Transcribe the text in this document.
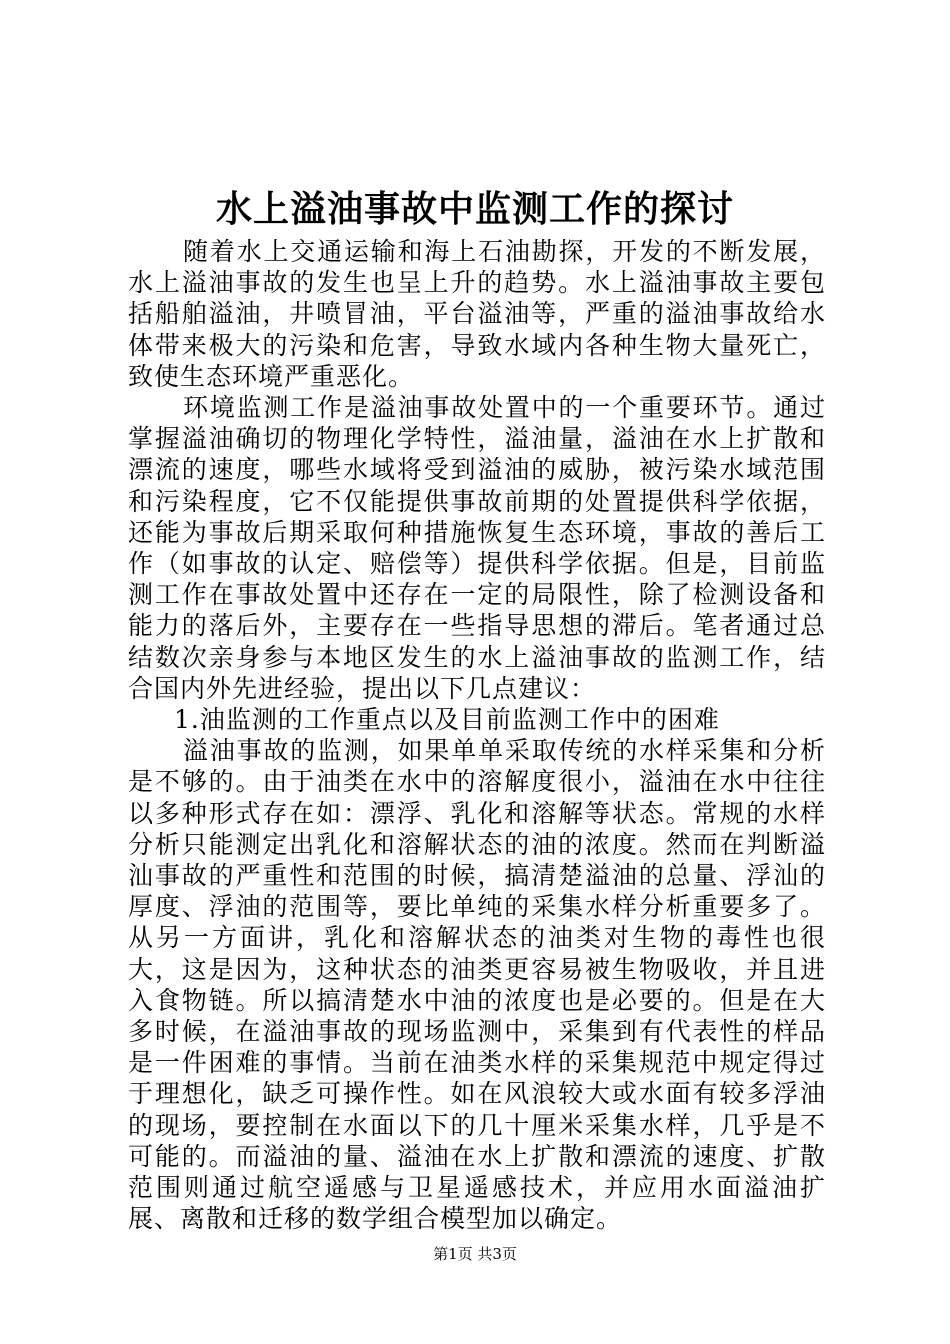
水上溢油事故中监测工作的探讨

随着水上交通运输和海上石油勘探，开发的不断发展，水上溢油事故的发生也呈上升的趋势。水上溢油事故主要包括船舶溢油，井喷冒油，平台溢油等，严重的溢油事故给水体带来极大的污染和危害，导致水域内各种生物大量死亡，致使生态环境严重恶化。

环境监测工作是溢油事故处置中的一个重要环节。通过掌握溢油确切的物理化学特性，溢油量，溢油在水上扩散和漂流的速度，哪些水域将受到溢油的威胁，被污染水域范围和污染程度，它不仅能提供事故前期的处置提供科学依据，还能为事故后期采取何种措施恢复生态环境，事故的善后工作（如事故的认定、赔偿等）提供科学依据。但是，目前监测工作在事故处置中还存在一定的局限性，除了检测设备和能力的落后外，主要存在一些指导思想的滞后。笔者通过总结数次亲身参与本地区发生的水上溢油事故的监测工作，结合国内外先进经验，提出以下几点建议：

1.油监测的工作重点以及目前监测工作中的困难

溢油事故的监测，如果单单采取传统的水样采集和分析是不够的。由于油类在水中的溶解度很小，溢油在水中往往以多种形式存在如：漂浮、乳化和溶解等状态。常规的水样分析只能测定出乳化和溶解状态的油的浓度。然而在判断溢汕事故的严重性和范围的时候，搞清楚溢油的总量、浮汕的厚度、浮油的范围等，要比单纯的采集水样分析重要多了。从另一方面讲，乳化和溶解状态的油类对生物的毒性也很大，这是因为，这种状态的油类更容易被生物吸收，并且进入食物链。所以搞清楚水中油的浓度也是必要的。但是在大多时候，在溢油事故的现场监测中，采集到有代表性的样品是一件困难的事情。当前在油类水样的采集规范中规定得过于理想化，缺乏可操作性。如在风浪较大或水面有较多浮油的现场，要控制在水面以下的几十厘米采集水样，几乎是不可能的。而溢油的量、溢油在水上扩散和漂流的速度、扩散范围则通过航空遥感与卫星遥感技术，并应用水面溢油扩展、离散和迁移的数学组合模型加以确定。

第1页 共3页
